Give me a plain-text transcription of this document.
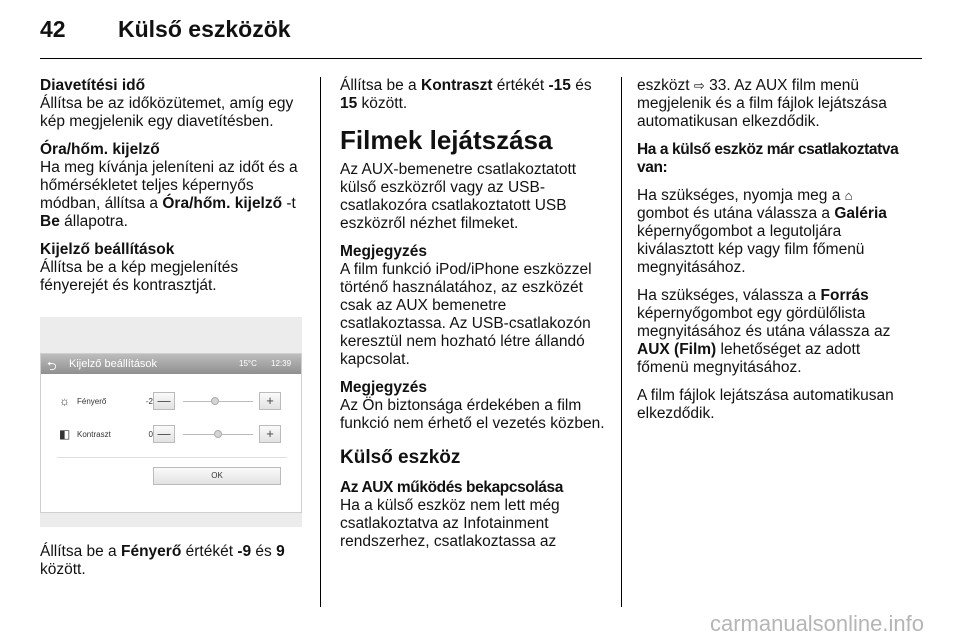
42 Külső eszközök

Diavetítési idő
Állítsa be az időközütemet, amíg egy kép megjelenik egy diavetítésben.

Óra/hőm. kijelző
Ha meg kívánja jeleníteni az időt és a hőmérsékletet teljes képernyős módban, állítsa a Óra/hőm. kijelző -t Be állapotra.

Kijelző beállítások
Állítsa be a kép megjelenítés fényerejét és kontrasztját.

⮌ Kijelző beállítások	15°C 12:39
☼ Fényerő	-2 —	+
◧ Kontraszt	0 —	+
OK

Állítsa be a Fényerő értékét -9 és 9 között.

Állítsa be a Kontraszt értékét -15 és 15 között.

Filmek lejátszása

Az AUX-bemenetre csatlakoztatott külső eszközről vagy az USB-csatlakozóra csatlakoztatott USB eszközről nézhet filmeket.

Megjegyzés
A film funkció iPod/iPhone eszközzel történő használatához, az eszközét csak az AUX bemenetre csatlakoztassa. Az USB-csatlakozón keresztül nem hozható létre állandó kapcsolat.

Megjegyzés
Az Ön biztonsága érdekében a film funkció nem érhető el vezetés közben.

Külső eszköz

Az AUX működés bekapcsolása
Ha a külső eszköz nem lett még csatlakoztatva az Infotainment rendszerhez, csatlakoztassa az

eszközt ⇨ 33. Az AUX film menü megjelenik és a film fájlok lejátszása automatikusan elkezdődik.

Ha a külső eszköz már csatlakoztatva van:

Ha szükséges, nyomja meg a ⌂ gombot és utána válassza a Galéria képernyőgombot a legutoljára kiválasztott kép vagy film főmenü megnyitásához.

Ha szükséges, válassza a Forrás képernyőgombot egy gördülőlista megnyitásához és utána válassza az AUX (Film) lehetőséget az adott főmenü megnyitásához.

A film fájlok lejátszása automatikusan elkezdődik.

carmanualsonline.info
